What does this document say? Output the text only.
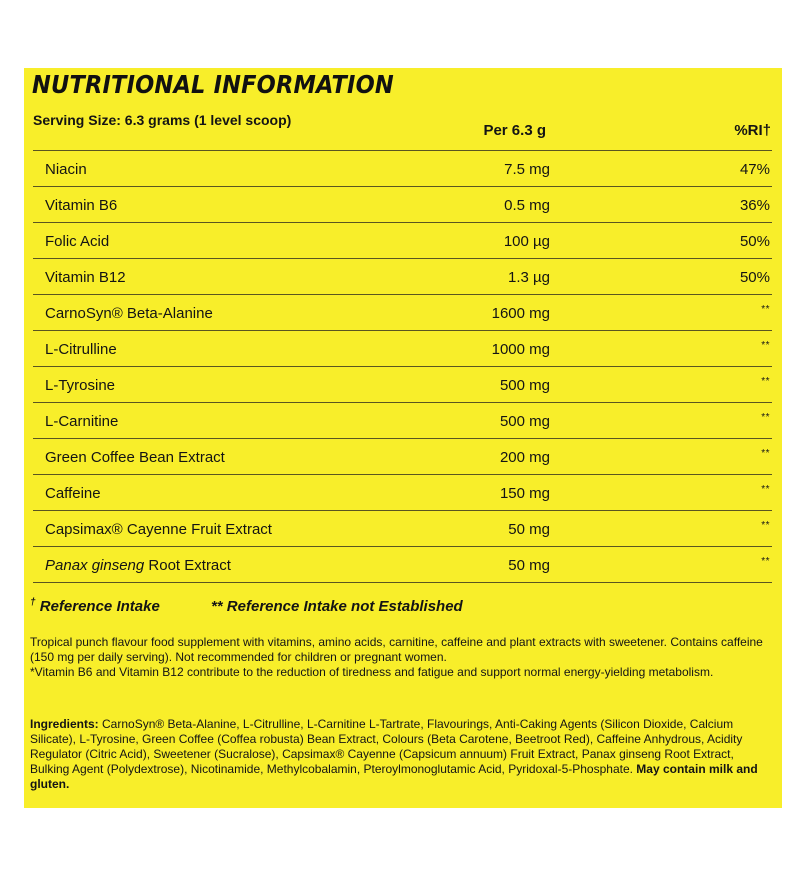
NUTRITIONAL INFORMATION
Serving Size: 6.3 grams (1 level scoop)
Per 6.3 g	%RI†
Niacin	7.5 mg	47%
Vitamin B6	0.5 mg	36%
Folic Acid	100 µg	50%
Vitamin B12	1.3 µg	50%
CarnoSyn® Beta-Alanine	1600 mg	**
L-Citrulline	1000 mg	**
L-Tyrosine	500 mg	**
L-Carnitine	500 mg	**
Green Coffee Bean Extract	200 mg	**
Caffeine	150 mg	**
Capsimax® Cayenne Fruit Extract	50 mg	**
Panax ginseng Root Extract	50 mg	**
† Reference Intake	** Reference Intake not Established
Tropical punch flavour food supplement with vitamins, amino acids, carnitine, caffeine and plant extracts with sweetener. Contains caffeine (150 mg per daily serving). Not recommended for children or pregnant women.
*Vitamin B6 and Vitamin B12 contribute to the reduction of tiredness and fatigue and support normal energy-yielding metabolism.
Ingredients: CarnoSyn® Beta-Alanine, L-Citrulline, L-Carnitine L-Tartrate, Flavourings, Anti-Caking Agents (Silicon Dioxide, Calcium Silicate), L-Tyrosine, Green Coffee (Coffea robusta) Bean Extract, Colours (Beta Carotene, Beetroot Red), Caffeine Anhydrous, Acidity Regulator (Citric Acid), Sweetener (Sucralose), Capsimax® Cayenne (Capsicum annuum) Fruit Extract, Panax ginseng Root Extract, Bulking Agent (Polydextrose), Nicotinamide, Methylcobalamin, Pteroylmonoglutamic Acid, Pyridoxal-5-Phosphate. May contain milk and gluten.
